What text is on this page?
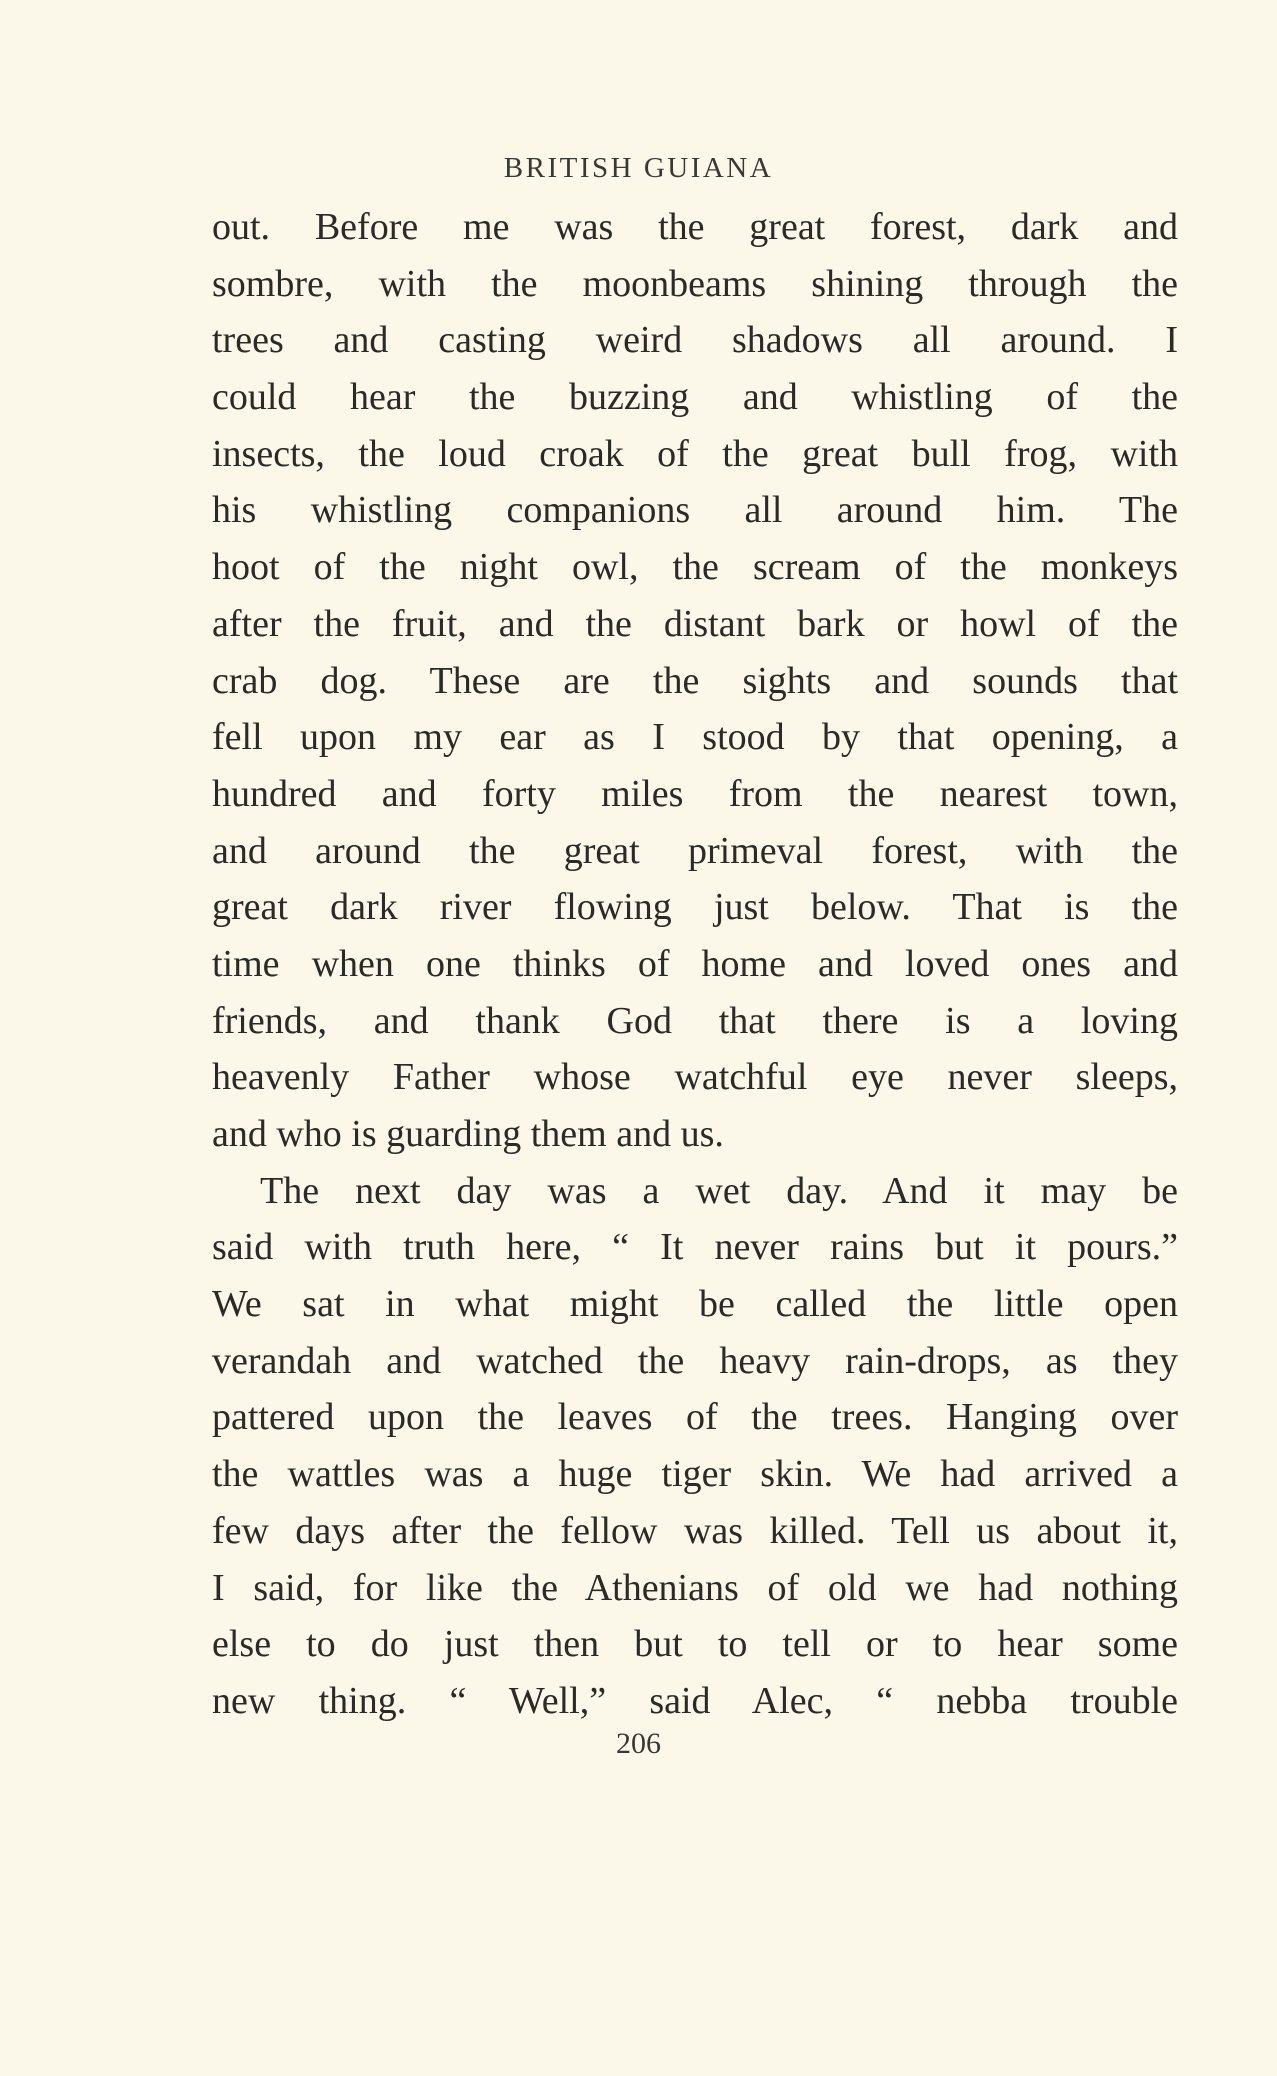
BRITISH GUIANA
out. Before me was the great forest, dark and
sombre, with the moonbeams shining through the
trees and casting weird shadows all around. I
could hear the buzzing and whistling of the
insects, the loud croak of the great bull frog, with
his whistling companions all around him. The
hoot of the night owl, the scream of the monkeys
after the fruit, and the distant bark or howl of the
crab dog. These are the sights and sounds that
fell upon my ear as I stood by that opening, a
hundred and forty miles from the nearest town,
and around the great primeval forest, with the
great dark river flowing just below. That is the
time when one thinks of home and loved ones and
friends, and thank God that there is a loving
heavenly Father whose watchful eye never sleeps,
and who is guarding them and us.
The next day was a wet day. And it may be
said with truth here, “ It never rains but it pours.”
We sat in what might be called the little open
verandah and watched the heavy rain-drops, as they
pattered upon the leaves of the trees. Hanging over
the wattles was a huge tiger skin. We had arrived a
few days after the fellow was killed. Tell us about it,
I said, for like the Athenians of old we had nothing
else to do just then but to tell or to hear some
new thing. “ Well,” said Alec, “ nebba trouble
206
